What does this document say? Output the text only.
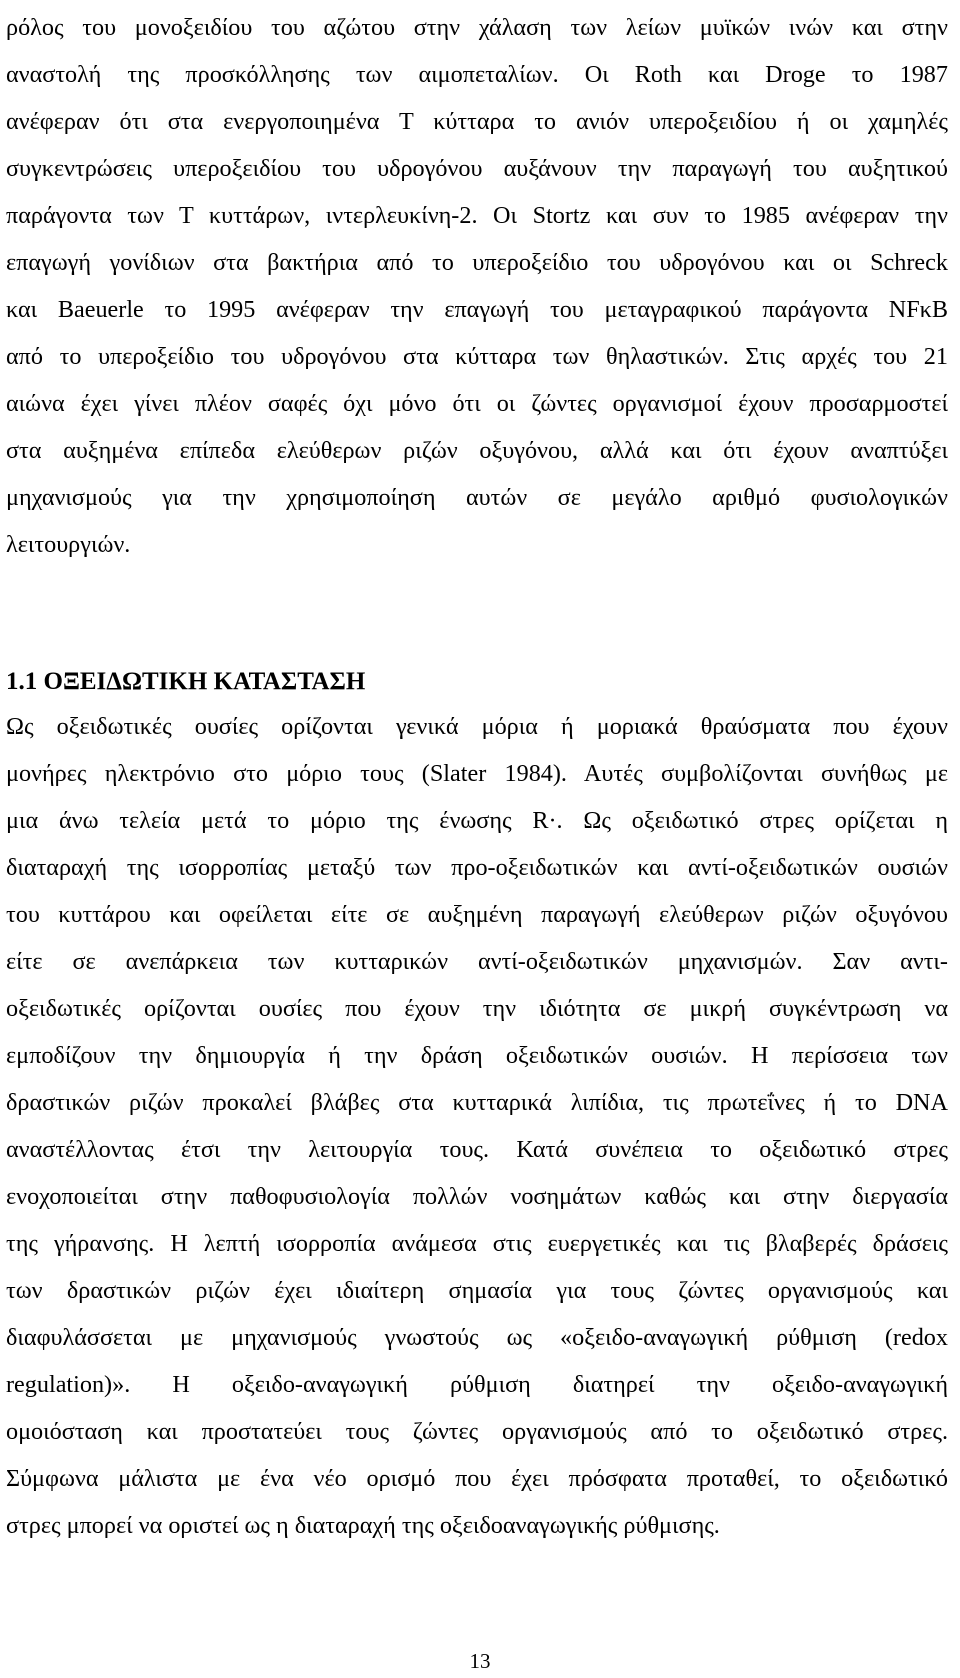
ρόλος του μονοξειδίου του αζώτου στην χάλαση των λείων μυϊκών ινών και στην
αναστολή της προσκόλλησης των αιμοπεταλίων. Οι Roth και Droge το 1987
ανέφεραν ότι στα ενεργοποιημένα Τ κύτταρα το ανιόν υπεροξειδίου ή οι χαμηλές
συγκεντρώσεις υπεροξειδίου του υδρογόνου αυξάνουν την παραγωγή του αυξητικού
παράγοντα των Τ κυττάρων, ιντερλευκίνη-2. Οι Stortz και συν το 1985 ανέφεραν την
επαγωγή γονίδιων στα βακτήρια από το υπεροξείδιο του υδρογόνου και οι Schreck
και Baeuerle το 1995 ανέφεραν την επαγωγή του μεταγραφικού παράγοντα NFκB
από το υπεροξείδιο του υδρογόνου στα κύτταρα των θηλαστικών. Στις αρχές του 21
αιώνα έχει γίνει πλέον σαφές όχι μόνο ότι οι ζώντες οργανισμοί έχουν προσαρμοστεί
στα αυξημένα επίπεδα ελεύθερων ριζών οξυγόνου, αλλά και ότι έχουν αναπτύξει
μηχανισμούς για την χρησιμοποίηση αυτών σε μεγάλο αριθμό φυσιολογικών
λειτουργιών.
1.1 ΟΞΕΙΔΩΤΙΚΗ ΚΑΤΑΣΤΑΣΗ
Ως οξειδωτικές ουσίες ορίζονται γενικά μόρια ή μοριακά θραύσματα που έχουν
μονήρες ηλεκτρόνιο στο μόριο τους (Slater 1984). Αυτές συμβολίζονται συνήθως με
μια άνω τελεία μετά το μόριο της ένωσης R·. Ως οξειδωτικό στρες ορίζεται η
διαταραχή της ισορροπίας μεταξύ των προ-οξειδωτικών και αντί-οξειδωτικών ουσιών
του κυττάρου και οφείλεται είτε σε αυξημένη παραγωγή ελεύθερων ριζών οξυγόνου
είτε σε ανεπάρκεια των κυτταρικών αντί-οξειδωτικών μηχανισμών. Σαν αντι-
οξειδωτικές ορίζονται ουσίες που έχουν την ιδιότητα σε μικρή συγκέντρωση να
εμποδίζουν την δημιουργία ή την δράση οξειδωτικών ουσιών. Η περίσσεια των
δραστικών ριζών προκαλεί βλάβες στα κυτταρικά λιπίδια, τις πρωτεΐνες ή το DNA
αναστέλλοντας έτσι την λειτουργία τους. Κατά συνέπεια το οξειδωτικό στρες
ενοχοποιείται στην παθοφυσιολογία πολλών νοσημάτων καθώς και στην διεργασία
της γήρανσης. Η λεπτή ισορροπία ανάμεσα στις ευεργετικές και τις βλαβερές δράσεις
των δραστικών ριζών έχει ιδιαίτερη σημασία για τους ζώντες οργανισμούς και
διαφυλάσσεται με μηχανισμούς γνωστούς ως «οξειδο-αναγωγική ρύθμιση (redox
regulation)». Η οξειδο-αναγωγική ρύθμιση διατηρεί την οξειδο-αναγωγική
ομοιόσταση και προστατεύει τους ζώντες οργανισμούς από το οξειδωτικό στρες.
Σύμφωνα μάλιστα με ένα νέο ορισμό που έχει πρόσφατα προταθεί, το οξειδωτικό
στρες μπορεί να οριστεί ως η διαταραχή της οξειδοαναγωγικής ρύθμισης.
13
